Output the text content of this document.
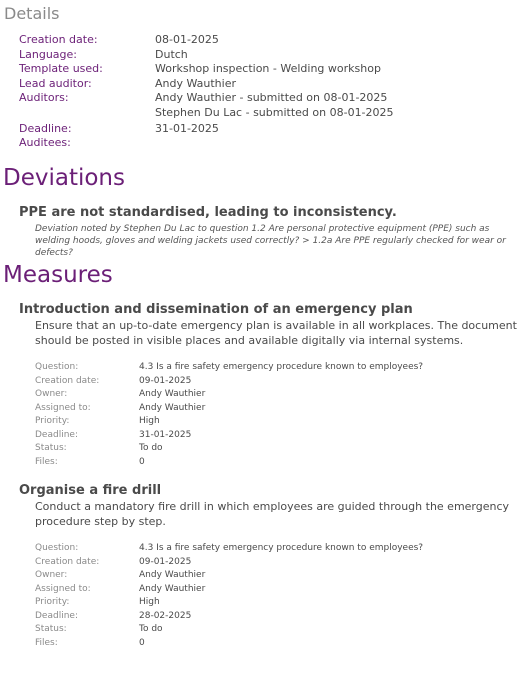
Details
Creation date:	08-01-2025
Language:	Dutch
Template used:	Workshop inspection - Welding workshop
Lead auditor:	Andy Wauthier
Auditors:	Andy Wauthier - submitted on 08-01-2025
Stephen Du Lac - submitted on 08-01-2025
Deadline:	31-01-2025
Auditees:
Deviations
PPE are not standardised, leading to inconsistency.
Deviation noted by Stephen Du Lac to question 1.2 Are personal protective equipment (PPE) such as welding hoods, gloves and welding jackets used correctly? > 1.2a Are PPE regularly checked for wear or defects?
Measures
Introduction and dissemination of an emergency plan
Ensure that an up-to-date emergency plan is available in all workplaces. The document should be posted in visible places and available digitally via internal systems.
Question:	4.3 Is a fire safety emergency procedure known to employees?
Creation date:	09-01-2025
Owner:	Andy Wauthier
Assigned to:	Andy Wauthier
Priority:	High
Deadline:	31-01-2025
Status:	To do
Files:	0
Organise a fire drill
Conduct a mandatory fire drill in which employees are guided through the emergency procedure step by step.
Question:	4.3 Is a fire safety emergency procedure known to employees?
Creation date:	09-01-2025
Owner:	Andy Wauthier
Assigned to:	Andy Wauthier
Priority:	High
Deadline:	28-02-2025
Status:	To do
Files:	0
